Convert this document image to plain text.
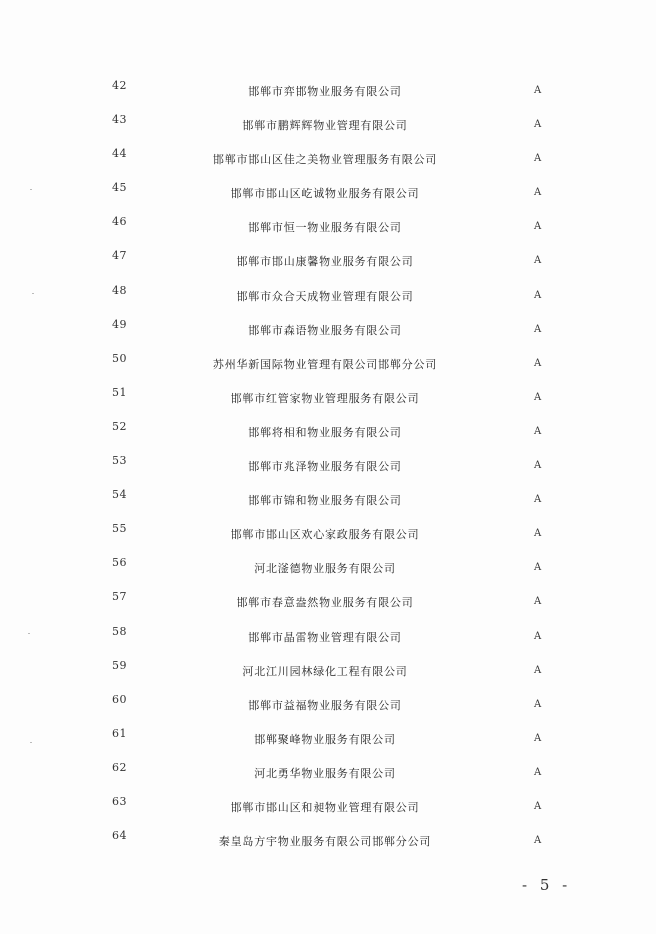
42	邯郸市弈邯物业服务有限公司	A
43	邯郸市鹏辉辉物业管理有限公司	A
44	邯郸市邯山区佳之美物业管理服务有限公司	A
45	邯郸市邯山区屹诚物业服务有限公司	A
46	邯郸市恒一物业服务有限公司	A
47	邯郸市邯山康馨物业服务有限公司	A
48	邯郸市众合天成物业管理有限公司	A
49	邯郸市森语物业服务有限公司	A
50	苏州华新国际物业管理有限公司邯郸分公司	A
51	邯郸市红管家物业管理服务有限公司	A
52	邯郸将相和物业服务有限公司	A
53	邯郸市兆泽物业服务有限公司	A
54	邯郸市锦和物业服务有限公司	A
55	邯郸市邯山区欢心家政服务有限公司	A
56	河北滏德物业服务有限公司	A
57	邯郸市春意盎然物业服务有限公司	A
58	邯郸市晶雷物业管理有限公司	A
59	河北江川园林绿化工程有限公司	A
60	邯郸市益福物业服务有限公司	A
61	邯郸聚峰物业服务有限公司	A
62	河北勇华物业服务有限公司	A
63	邯郸市邯山区和昶物业管理有限公司	A
64	秦皇岛方宇物业服务有限公司邯郸分公司	A
- 5 -
